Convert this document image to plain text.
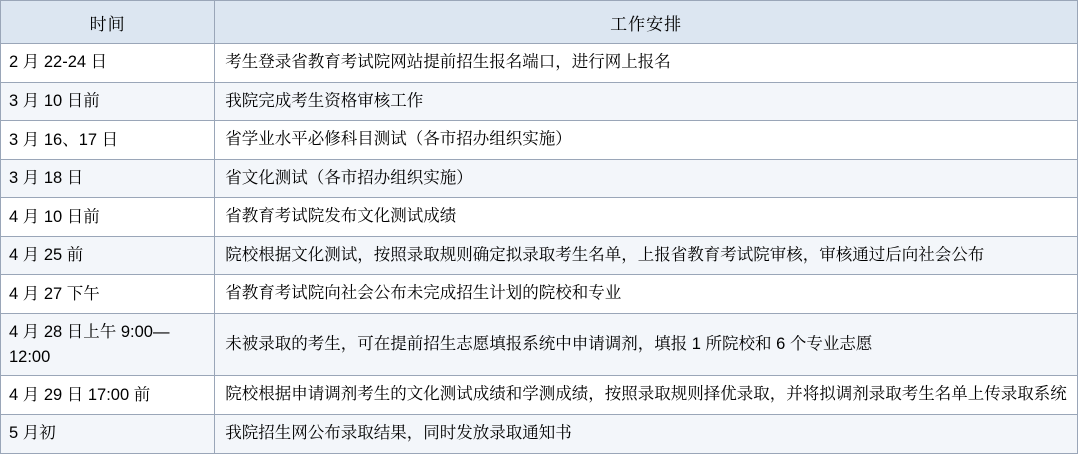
时间	工作安排
2 月 22-24 日	考生登录省教育考试院网站提前招生报名端口，进行网上报名
3 月 10 日前	我院完成考生资格审核工作
3 月 16、17 日	省学业水平必修科目测试（各市招办组织实施）
3 月 18 日	省文化测试（各市招办组织实施）
4 月 10 日前	省教育考试院发布文化测试成绩
4 月 25 前	院校根据文化测试，按照录取规则确定拟录取考生名单，上报省教育考试院审核，审核通过后向社会公布
4 月 27 下午	省教育考试院向社会公布未完成招生计划的院校和专业
4 月 28 日上午 9:00—12:00	未被录取的考生，可在提前招生志愿填报系统中申请调剂，填报 1 所院校和 6 个专业志愿
4 月 29 日 17:00 前	院校根据申请调剂考生的文化测试成绩和学测成绩，按照录取规则择优录取，并将拟调剂录取考生名单上传录取系统
5 月初	我院招生网公布录取结果，同时发放录取通知书
